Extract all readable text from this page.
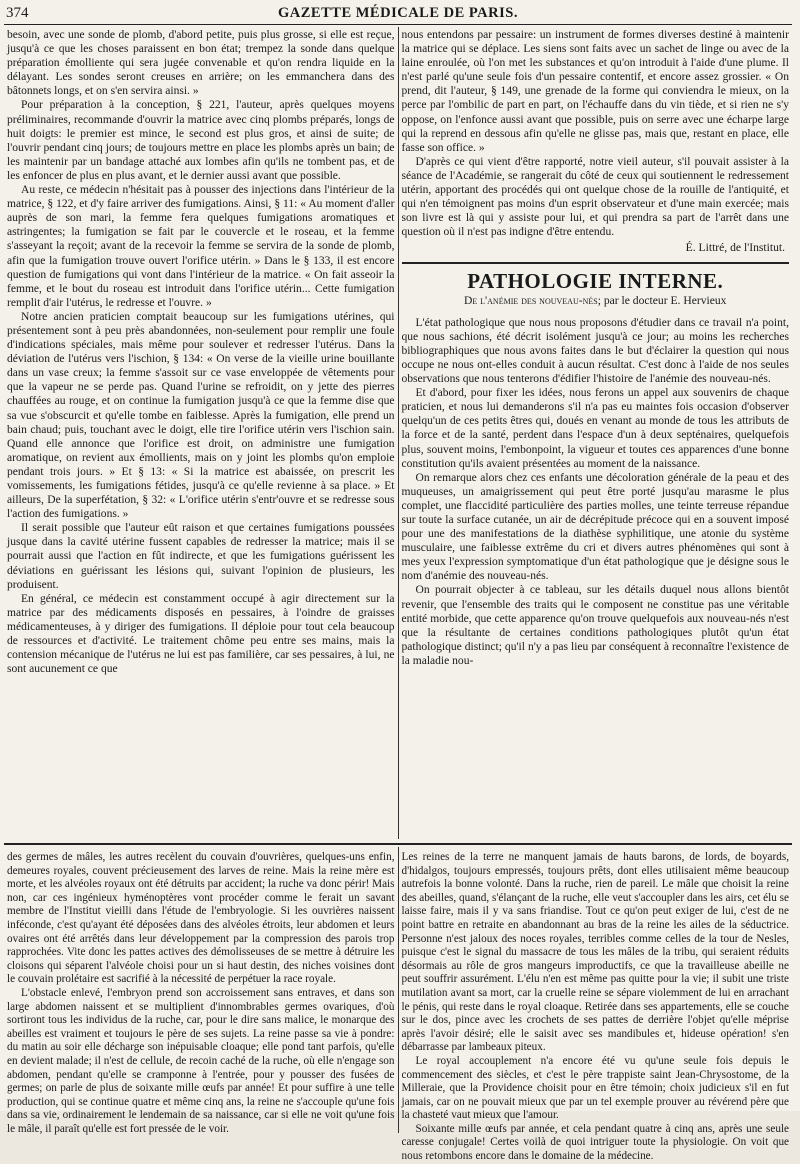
374	GAZETTE MÉDICALE DE PARIS.

besoin, avec une sonde de plomb, d'abord petite, puis plus grosse, si elle est reçue, jusqu'à ce que les choses paraissent en bon état; trempez la sonde dans quelque préparation émolliente qui sera jugée convenable et qu'on rendra liquide en la délayant. Les sondes seront creuses en arrière; on les emmanchera dans des bâtonnets longs, et on s'en servira ainsi. »

Pour préparation à la conception, § 221, l'auteur, après quelques moyens préliminaires, recommande d'ouvrir la matrice avec cinq plombs préparés, longs de huit doigts: le premier est mince, le second est plus gros, et ainsi de suite; de l'ouvrir pendant cinq jours; de toujours mettre en place les plombs après un bain; de les maintenir par un bandage attaché aux lombes afin qu'ils ne tombent pas, et de les enfoncer de plus en plus avant, et le dernier aussi avant que possible.

Au reste, ce médecin n'hésitait pas à pousser des injections dans l'intérieur de la matrice, § 122, et d'y faire arriver des fumigations. Ainsi, § 11: « Au moment d'aller auprès de son mari, la femme fera quelques fumigations aromatiques et astringentes; la fumigation se fait par le couvercle et le roseau, et la femme s'asseyant la reçoit; avant de la recevoir la femme se servira de la sonde de plomb, afin que la fumigation trouve ouvert l'orifice utérin. » Dans le § 133, il est encore question de fumigations qui vont dans l'intérieur de la matrice. « On fait asseoir la femme, et le bout du roseau est introduit dans l'orifice utérin... Cette fumigation remplit d'air l'utérus, le redresse et l'ouvre. »

Notre ancien praticien comptait beaucoup sur les fumigations utérines, qui présentement sont à peu près abandonnées, non-seulement pour remplir une foule d'indications spéciales, mais même pour soulever et redresser l'utérus. Dans la déviation de l'utérus vers l'ischion, § 134: « On verse de la vieille urine bouillante dans un vase creux; la femme s'assoit sur ce vase enveloppée de vêtements pour que la vapeur ne se perde pas. Quand l'urine se refroidit, on y jette des pierres chauffées au rouge, et on continue la fumigation jusqu'à ce que la femme dise que sa vue s'obscurcit et qu'elle tombe en faiblesse. Après la fumigation, elle prend un bain chaud; puis, touchant avec le doigt, elle tire l'orifice utérin vers l'ischion sain. Quand elle annonce que l'orifice est droit, on administre une fumigation aromatique, on revient aux émollients, mais on y joint les plombs qu'on emploie pendant trois jours. » Et § 13: « Si la matrice est abaissée, on prescrit les vomissements, les fumigations fétides, jusqu'à ce qu'elle revienne à sa place. » Et ailleurs, De la superfétation, § 32: « L'orifice utérin s'entr'ouvre et se redresse sous l'action des fumigations. »

Il serait possible que l'auteur eût raison et que certaines fumigations poussées jusque dans la cavité utérine fussent capables de redresser la matrice; mais il se pourrait aussi que l'action en fût indirecte, et que les fumigations guérissent les déviations en guérissant les lésions qui, suivant l'opinion de plusieurs, les produisent.

En général, ce médecin est constamment occupé à agir directement sur la matrice par des médicaments disposés en pessaires, à l'oindre de graisses médicamenteuses, à y diriger des fumigations. Il déploie pour tout cela beaucoup de ressources et d'activité. Le traitement chôme peu entre ses mains, mais la contension mécanique de l'utérus ne lui est pas familière, car ses pessaires, à lui, ne sont aucunement ce que

nous entendons par pessaire: un instrument de formes diverses destiné à maintenir la matrice qui se déplace. Les siens sont faits avec un sachet de linge ou avec de la laine enroulée, où l'on met les substances et qu'on introduit à l'aide d'une plume. Il n'est parlé qu'une seule fois d'un pessaire contentif, et encore assez grossier. « On prend, dit l'auteur, § 149, une grenade de la forme qui conviendra le mieux, on la perce par l'ombilic de part en part, on l'échauffe dans du vin tiède, et si rien ne s'y oppose, on l'enfonce aussi avant que possible, puis on serre avec une écharpe large qui la reprend en dessous afin qu'elle ne glisse pas, mais que, restant en place, elle fasse son office. »

D'après ce qui vient d'être rapporté, notre vieil auteur, s'il pouvait assister à la séance de l'Académie, se rangerait du côté de ceux qui soutiennent le redressement utérin, apportant des procédés qui ont quelque chose de la rouille de l'antiquité, et qui n'en témoignent pas moins d'un esprit observateur et d'une main exercée; mais son livre est là qui y assiste pour lui, et qui prendra sa part de l'arrêt dans une question où il n'est pas indigne d'être entendu.

É. Littré, de l'Institut.
PATHOLOGIE INTERNE.
De l'anémie des nouveau-nés; par le docteur E. Hervieux

L'état pathologique que nous nous proposons d'étudier dans ce travail n'a point, que nous sachions, été décrit isolément jusqu'à ce jour; au moins les recherches bibliographiques que nous avons faites dans le but d'éclairer la question qui nous occupe ne nous ont-elles conduit à aucun résultat. C'est donc à l'aide de nos seules observations que nous tenterons d'édifier l'histoire de l'anémie des nouveau-nés.

Et d'abord, pour fixer les idées, nous ferons un appel aux souvenirs de chaque praticien, et nous lui demanderons s'il n'a pas eu maintes fois occasion d'observer quelqu'un de ces petits êtres qui, doués en venant au monde de tous les attributs de la force et de la santé, perdent dans l'espace d'un à deux septénaires, quelquefois plus, souvent moins, l'embonpoint, la vigueur et toutes ces apparences d'une bonne constitution qu'ils avaient présentées au moment de la naissance.

On remarque alors chez ces enfants une décoloration générale de la peau et des muqueuses, un amaigrissement qui peut être porté jusqu'au marasme le plus complet, une flaccidité particulière des parties molles, une teinte terreuse répandue sur toute la surface cutanée, un air de décrépitude précoce qui en a souvent imposé pour une des manifestations de la diathèse syphilitique, une atonie du système musculaire, une faiblesse extrême du cri et divers autres phénomènes qui sont à mes yeux l'expression symptomatique d'un état pathologique que je désigne sous le nom d'anémie des nouveau-nés.

On pourrait objecter à ce tableau, sur les détails duquel nous allons bientôt revenir, que l'ensemble des traits qui le composent ne constitue pas une véritable entité morbide, que cette apparence qu'on trouve quelquefois aux nouveau-nés n'est que la résultante de certaines conditions pathologiques plutôt qu'un état pathologique distinct; qu'il n'y a pas lieu par conséquent à reconnaître l'existence de la maladie nou-

des germes de mâles, les autres recèlent du couvain d'ouvrières, quelques-uns enfin, demeures royales, couvent précieusement des larves de reine. Mais la reine mère est morte, et les alvéoles royaux ont été détruits par accident; la ruche va donc périr! Mais non, car ces ingénieux hyménoptères vont procéder comme le ferait un savant membre de l'Institut vieilli dans l'étude de l'embryologie. Si les ouvrières naissent inféconde, c'est qu'ayant été déposées dans des alvéoles étroits, leur abdomen et leurs ovaires ont été arrêtés dans leur développement par la compression des parois trop rapprochées. Vite donc les pattes actives des démolisseuses de se mettre à détruire les cloisons qui séparent l'alvéole choisi pour un si haut destin, des niches voisines dont le couvain prolétaire est sacrifié à la nécessité de perpétuer la race royale.

L'obstacle enlevé, l'embryon prend son accroissement sans entraves, et dans son large abdomen naissent et se multiplient d'innombrables germes ovariques, d'où sortiront tous les individus de la ruche, car, pour le dire sans malice, le monarque des abeilles est vraiment et toujours le père de ses sujets. La reine passe sa vie à pondre: du matin au soir elle décharge son inépuisable cloaque; elle pond tant parfois, qu'elle en devient malade; il n'est de cellule, de recoin caché de la ruche, où elle n'engage son abdomen, pendant qu'elle se cramponne à l'entrée, pour y pousser des fusées de germes; on parle de plus de soixante mille œufs par année! Et pour suffire à une telle production, qui se continue quatre et même cinq ans, la reine ne s'accouple qu'une fois dans sa vie, ordinairement le lendemain de sa naissance, car si elle ne voit qu'une fois le mâle, il paraît qu'elle est fort pressée de le voir.

Les reines de la terre ne manquent jamais de hauts barons, de lords, de boyards, d'hidalgos, toujours empressés, toujours prêts, dont elles utilisaient même beaucoup autrefois la bonne volonté. Dans la ruche, rien de pareil. Le mâle que choisit la reine des abeilles, quand, s'élançant de la ruche, elle veut s'accoupler dans les airs, cet élu se laisse faire, mais il y va sans friandise. Tout ce qu'on peut exiger de lui, c'est de ne point battre en retraite en abandonnant au bras de la reine les ailes de la séductrice. Personne n'est jaloux des noces royales, terribles comme celles de la tour de Nesles, puisque c'est le signal du massacre de tous les mâles de la tribu, qui seraient réduits désormais au rôle de gros mangeurs improductifs, ce que la travailleuse abeille ne peut souffrir assurément. L'élu n'en est même pas quitte pour la vie; il subit une triste mutilation avant sa mort, car la cruelle reine se sépare violemment de lui en arrachant le pénis, qui reste dans le royal cloaque. Retirée dans ses appartements, elle se couche sur le dos, pince avec les crochets de ses pattes de derrière l'objet qu'elle méprise après l'avoir désiré; elle le saisit avec ses mandibules et, hideuse opération! s'en débarrasse par lambeaux piteux.

Le royal accouplement n'a encore été vu qu'une seule fois depuis le commencement des siècles, et c'est le père trappiste saint Jean-Chrysostome, de la Milleraie, que la Providence choisit pour en être témoin; choix judicieux s'il en fut jamais, car on ne pouvait mieux que par un tel exemple prouver au révérend père que la chasteté vaut mieux que l'amour.

Soixante mille œufs par année, et cela pendant quatre à cinq ans, après une seule caresse conjugale! Certes voilà de quoi intriguer toute la physiologie. On voit que nous retombons encore dans le domaine de la médecine.
